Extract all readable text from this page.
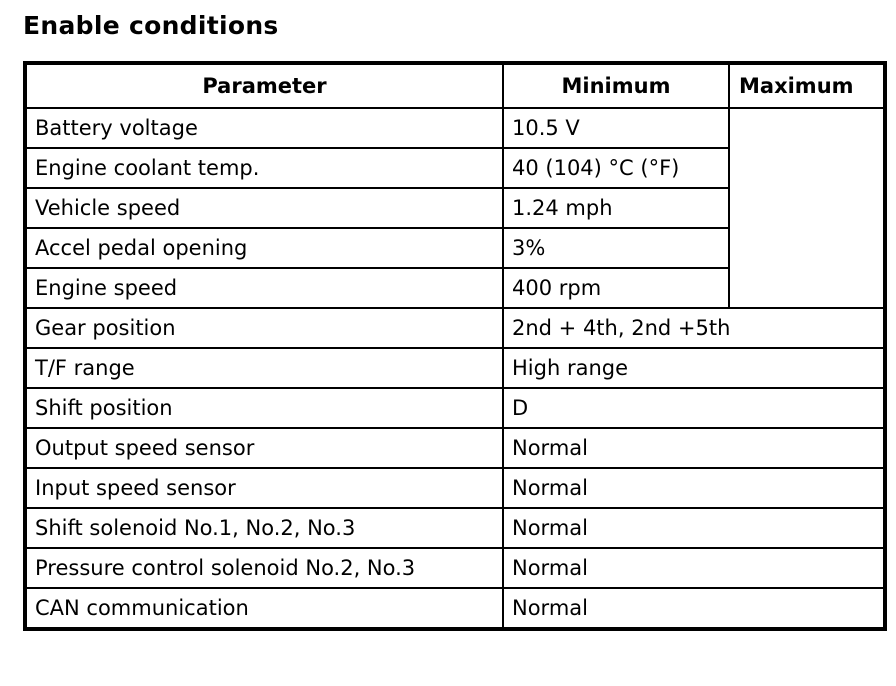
Enable conditions
Parameter	Minimum	Maximum
Battery voltage	10.5 V	
Engine coolant temp.	40 (104) °C (°F)	
Vehicle speed	1.24 mph	
Accel pedal opening	3%	
Engine speed	400 rpm	
Gear position	2nd + 4th, 2nd +5th	
T/F range	High range	
Shift position	D	
Output speed sensor	Normal	
Input speed sensor	Normal	
Shift solenoid No.1, No.2, No.3	Normal	
Pressure control solenoid No.2, No.3	Normal	
CAN communication	Normal	
